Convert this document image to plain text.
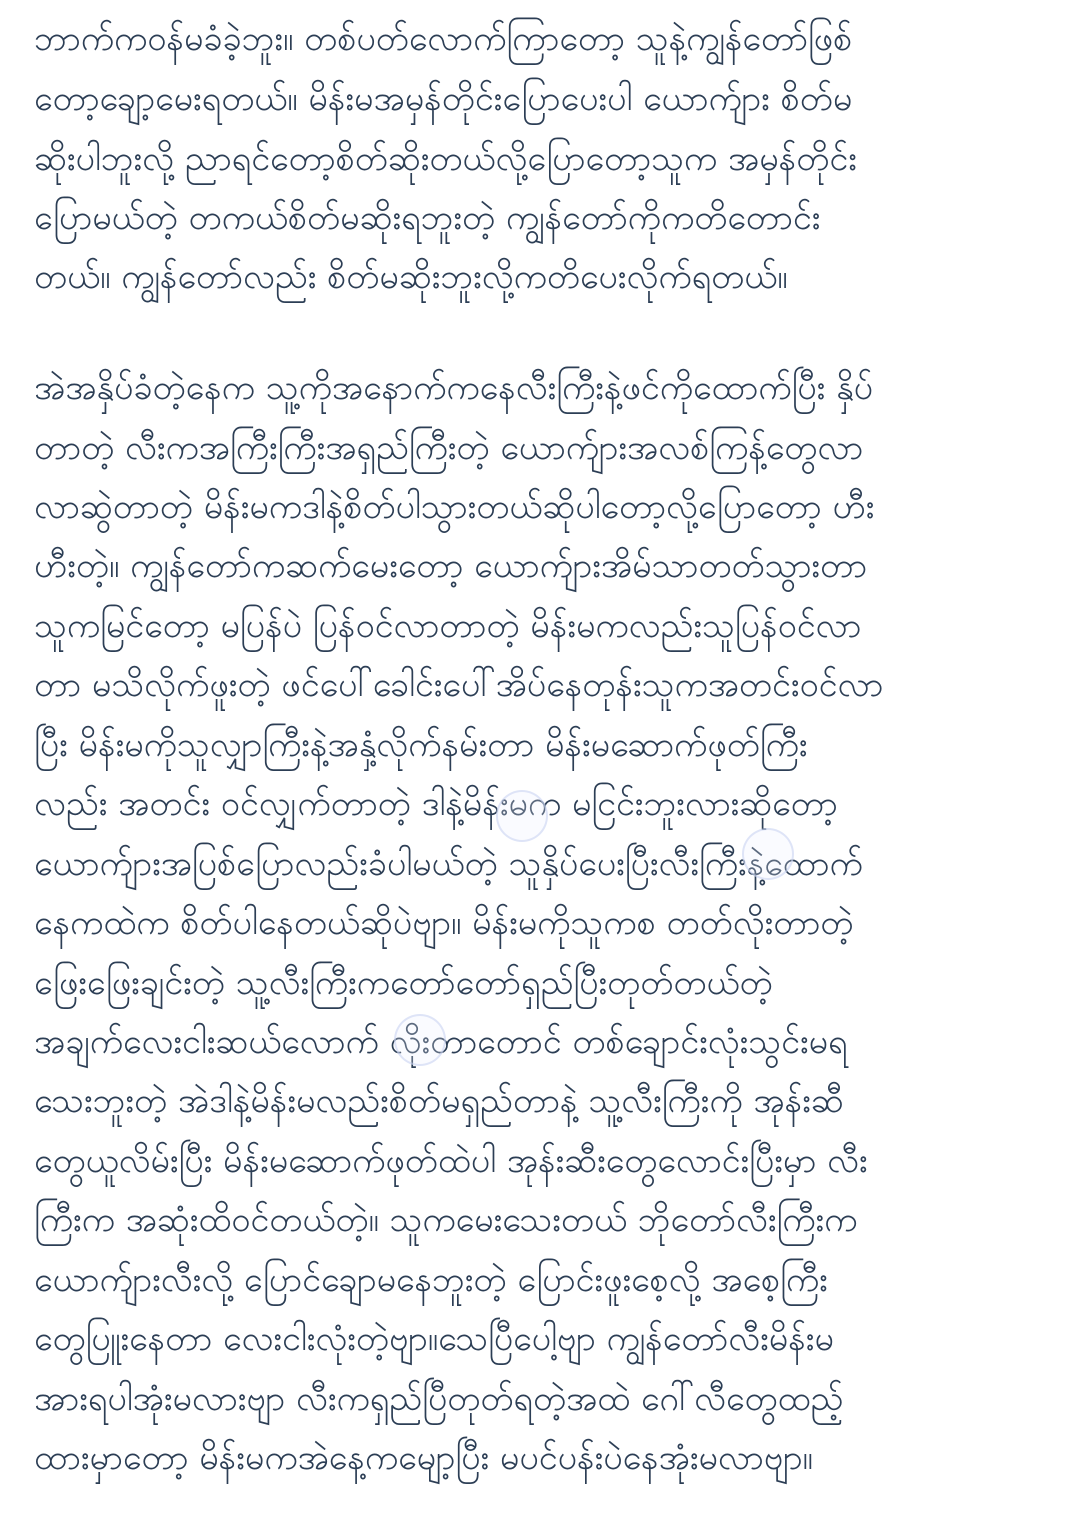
ဘာက်ကဝန်မခံခဲ့ဘူး။ တစ်ပတ်လောက်ကြာတော့ သူနဲ့ကျွန်တော်ဖြစ်
တော့ချော့မေးရတယ်။ မိန်းမအမှန်တိုင်းပြောပေးပါ ယောက်ျား စိတ်မ
ဆိုးပါဘူးလို့ ညာရင်တော့စိတ်ဆိုးတယ်လို့ပြောတော့သူက အမှန်တိုင်း
ပြောမယ်တဲ့ တကယ်စိတ်မဆိုးရဘူးတဲ့ ကျွန်တော်ကိုကတိတောင်း
တယ်။ ကျွန်တော်လည်း စိတ်မဆိုးဘူးလို့ကတိပေးလိုက်ရတယ်။
အဲအနှိပ်ခံတဲ့နေက သူ့ကိုအနောက်ကနေလီးကြီးနဲ့ဖင်ကိုထောက်ပြီး နှိပ်
တာတဲ့ လီးကအကြီးကြီးအရှည်ကြီးတဲ့ ယောက်ျားအလစ်ကြန့်တွေလာ
လာဆွဲတာတဲ့ မိန်းမကဒါနဲ့စိတ်ပါသွားတယ်ဆိုပါတော့လို့ပြောတော့ ဟီး
ဟီးတဲ့။ ကျွန်တော်ကဆက်မေးတော့ ယောက်ျားအိမ်သာတတ်သွားတာ
သူကမြင်တော့ မပြန်ပဲ ပြန်ဝင်လာတာတဲ့ မိန်းမကလည်းသူပြန်ဝင်လာ
တာ မသိလိုက်ဖူးတဲ့ ဖင်ပေါ်ခေါင်းပေါ်အိပ်နေတုန်းသူကအတင်းဝင်လာ
ပြီး မိန်းမကိုသူလျှာကြီးနဲ့အနှံ့လိုက်နမ်းတာ မိန်းမဆောက်ဖုတ်ကြီး
လည်း အတင်း ဝင်လျှက်တာတဲ့ ဒါနဲ့မိန်းမက မငြင်းဘူးလားဆိုတော့
ယောက်ျားအပြစ်ပြောလည်းခံပါမယ်တဲ့ သူနှိပ်ပေးပြီးလီးကြီးနဲ့ထောက်
နေကထဲက စိတ်ပါနေတယ်ဆိုပဲဗျာ။ မိန်းမကိုသူကစ တတ်လိုးတာတဲ့
ဖြေးဖြေးချင်းတဲ့ သူ့လီးကြီးကတော်တော်ရှည်ပြီးတုတ်တယ်တဲ့
အချက်လေးငါးဆယ်လောက် လိုးတာတောင် တစ်ချောင်းလုံးသွင်းမရ
သေးဘူးတဲ့ အဲဒါနဲ့မိန်းမလည်းစိတ်မရှည်တာနဲ့ သူ့လီးကြီးကို အုန်းဆီ
တွေယူလိမ်းပြီး မိန်းမဆောက်ဖုတ်ထဲပါ အုန်းဆီးတွေလောင်းပြီးမှာ လီး
ကြီးက အဆုံးထိဝင်တယ်တဲ့။ သူကမေးသေးတယ် ဘိုတော်လီးကြီးက
ယောက်ျားလီးလို့ ပြောင်ချောမနေဘူးတဲ့ ပြောင်းဖူးစေ့လို့ အစေ့ကြီး
တွေပြူးနေတာ လေးငါးလုံးတဲ့ဗျာ။သေပြီပေါ့ဗျာ ကျွန်တော်လီးမိန်းမ
အားရပါအုံးမလားဗျာ လီးကရှည်ပြီတုတ်ရတဲ့အထဲ ဂေါ်လီတွေထည့်
ထားမှာတော့ မိန်းမကအဲနေ့ကမျော့ပြီး မပင်ပန်းပဲနေအုံးမလာဗျာ။
